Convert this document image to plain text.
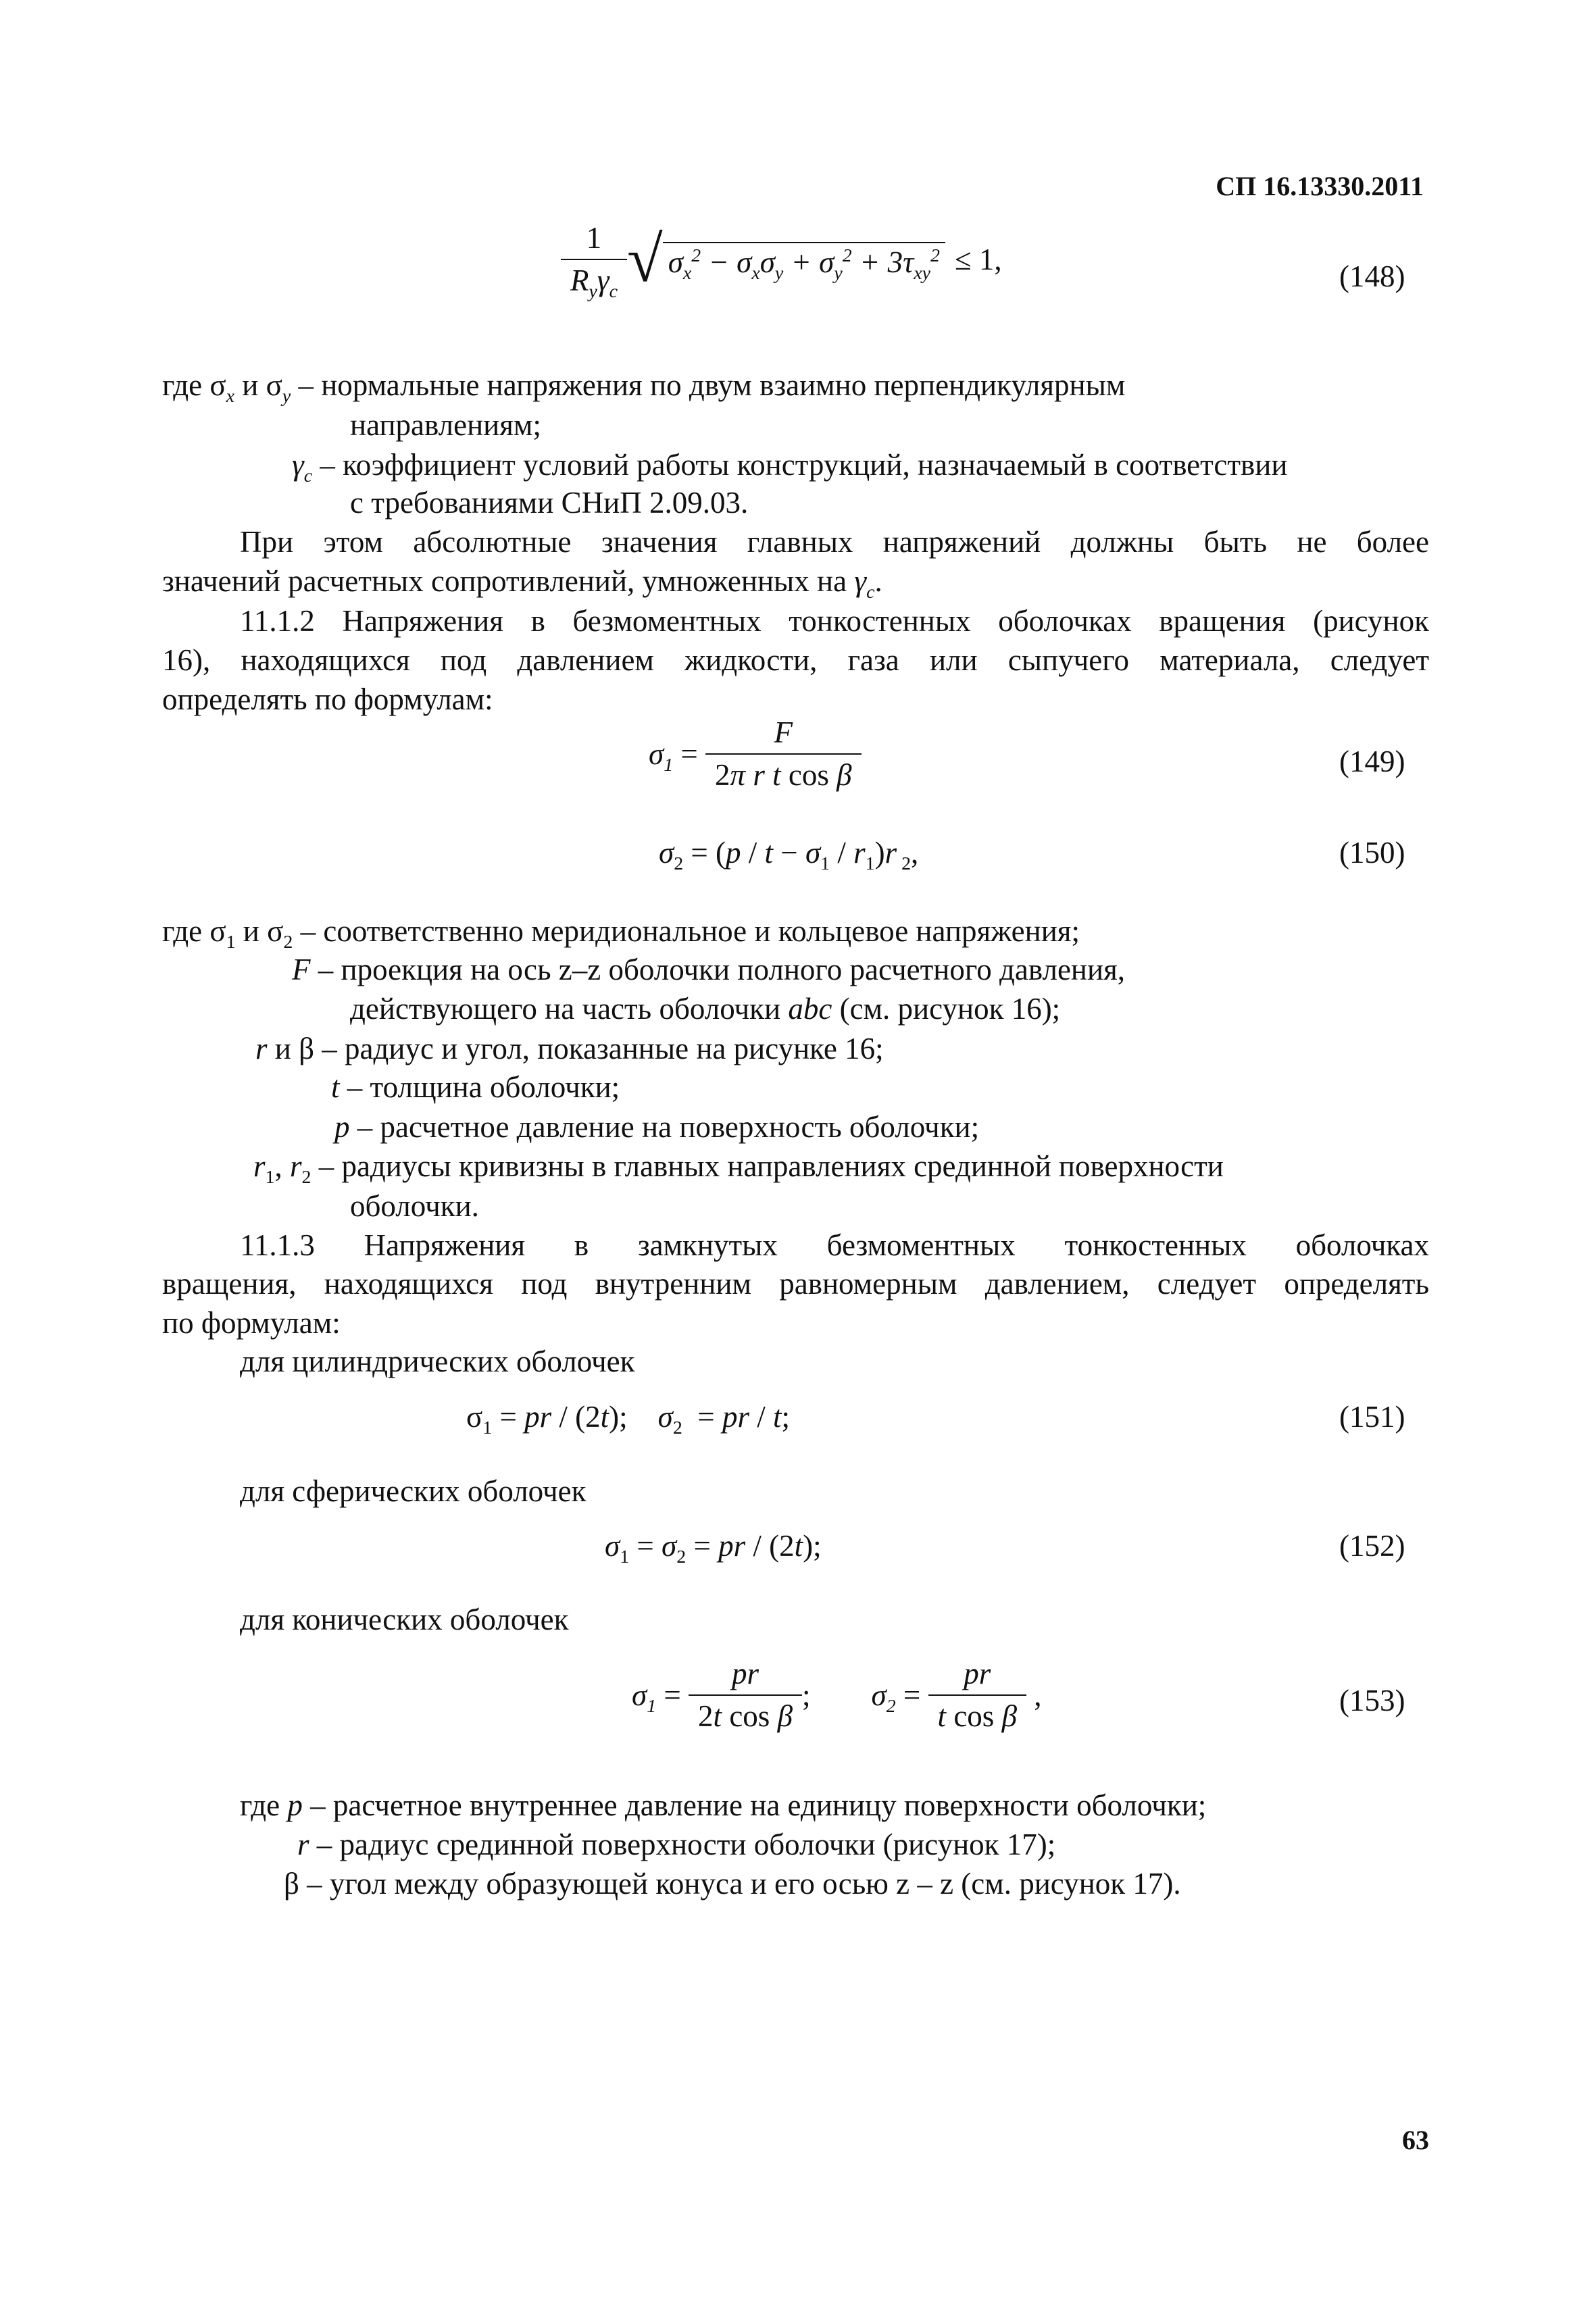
СП 16.13330.2011
$\frac{1}{R_y\gamma_c}$ √ $\sigma_x^2 - \sigma_x\sigma_y + \sigma_y^2 + 3\tau_{xy}^2 \le 1$,
(148)
где $\sigma_x$ и $\sigma_y$ – нормальные напряжения по двум взаимно перпендикулярным
направлениям;
$\gamma_c$ – коэффициент условий работы конструкций, назначаемый в соответствии
с требованиями СНиП 2.09.03.
При этом абсолютные значения главных напряжений должны быть не более
значений расчетных сопротивлений, умноженных на $\gamma_c$.
11.1.2 Напряжения в безмоментных тонкостенных оболочках вращения (рисунок
16), находящихся под давлением жидкости, газа или сыпучего материала, следует
определять по формулам:
$\sigma_1 = \frac{F}{\text{2π r t cos β}}$	(149)
$\sigma_2 = (p / t - \sigma_1 / r_1)r$ $_2$,	(150)
где $\sigma_1$ и $\sigma_2$ – соответственно меридиональное и кольцевое напряжения;
F – проекция на ось z–z оболочки полного расчетного давления,
действующего на часть оболочки abc (см. рисунок 16);
r и β – радиус и угол, показанные на рисунке 16;
t – толщина оболочки;
p – расчетное давление на поверхность оболочки;
$r_1$, $r_2$ – радиусы кривизны в главных направлениях срединной поверхности
оболочки.
11.1.3 Напряжения в замкнутых безмоментных тонкостенных оболочках
вращения, находящихся под внутренним равномерным давлением, следует определять
по формулам:
для цилиндрических оболочек
$\sigma_1$ = pr / (2t);    $\sigma_2$  = pr / t;	(151)
для сферических оболочек
$\sigma_1 = \sigma_2$ = pr / (2t);	(152)
для конических оболочек
$\sigma_1 = \frac{pr}{\text{2t cos β}}$ ; $\sigma_2 = \frac{pr}{\text{t cos β}}$ ,	(153)
где p – расчетное внутреннее давление на единицу поверхности оболочки;
r – радиус срединной поверхности оболочки (рисунок 17);
β – угол между образующей конуса и его осью z – z (см. рисунок 17).
63
